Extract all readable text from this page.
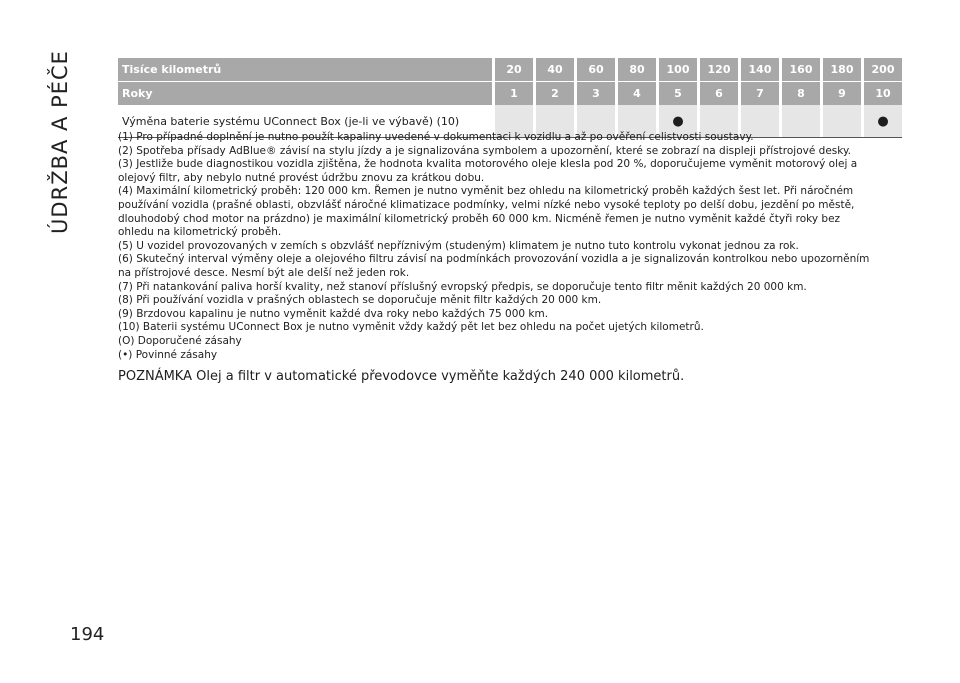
ÚDRŽBA A PÉČE	Tisíce kilometrů		20		40		60		80		100		120		140		160		180		200

Roky		1		2		3		4		5		6		7		8		9		10
Výměna baterie systému UConnect Box (je-li ve výbavě) (10)										●										●

(1) Pro případné doplnění je nutno použít kapaliny uvedené v dokumentaci k vozidlu a až po ověření celistvosti soustavy.

(2) Spotřeba přísady AdBlue® závisí na stylu jízdy a je signalizována symbolem a upozornění, které se zobrazí na displeji přístrojové desky.

(3) Jestliže bude diagnostikou vozidla zjištěna, že hodnota kvalita motorového oleje klesla pod 20 %, doporučujeme vyměnit motorový olej a olejový filtr, aby nebylo nutné provést údržbu znovu za krátkou dobu.

(4) Maximální kilometrický proběh: 120 000 km. Řemen je nutno vyměnit bez ohledu na kilometrický proběh každých šest let. Při náročném používání vozidla (prašné oblasti, obzvlášť náročné klimatizace podmínky, velmi nízké nebo vysoké teploty po delší dobu, jezdění po městě, dlouhodobý chod motor na prázdno) je maximální kilometrický proběh 60 000 km. Nicméně řemen je nutno vyměnit každé čtyři roky bez ohledu na kilometrický proběh.

(5) U vozidel provozovaných v zemích s obzvlášť nepříznivým (studeným) klimatem je nutno tuto kontrolu vykonat jednou za rok.

(6) Skutečný interval výměny oleje a olejového filtru závisí na podmínkách provozování vozidla a je signalizován kontrolkou nebo upozorněním na přístrojové desce. Nesmí být ale delší než jeden rok.

(7) Při natankování paliva horší kvality, než stanoví příslušný evropský předpis, se doporučuje tento filtr měnit každých 20 000 km.

(8) Při používání vozidla v prašných oblastech se doporučuje měnit filtr každých 20 000 km.

(9) Brzdovou kapalinu je nutno vyměnit každé dva roky nebo každých 75 000 km.

(10) Baterii systému UConnect Box je nutno vyměnit vždy každý pět let bez ohledu na počet ujetých kilometrů.

(O) Doporučené zásahy

(•) Povinné zásahy

POZNÁMKA Olej a filtr v automatické převodovce vyměňte každých 240 000 kilometrů.

194
